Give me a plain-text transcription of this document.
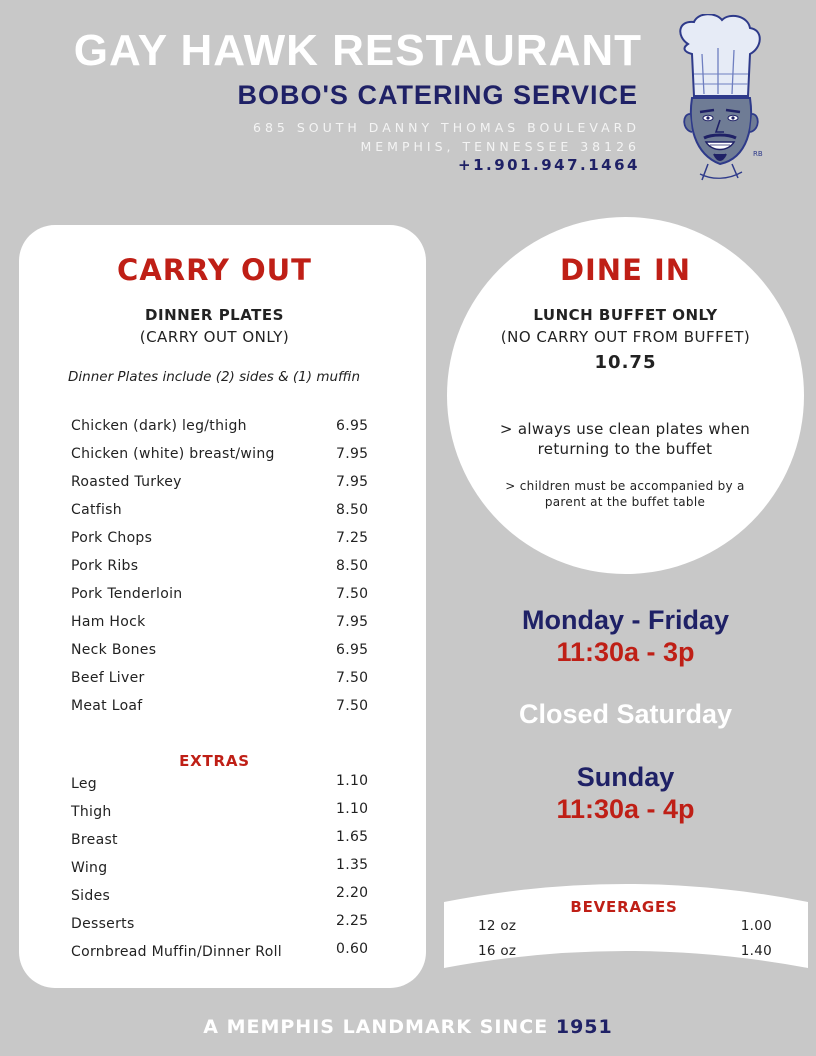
GAY HAWK RESTAURANT
BOBO'S CATERING SERVICE
685 SOUTH DANNY THOMAS BOULEVARD
MEMPHIS, TENNESSEE 38126
+1.901.947.1464
RB
CARRY OUT
DINNER PLATES
(CARRY OUT ONLY)
Dinner Plates include (2) sides & (1) muffin
Chicken (dark) leg/thigh	6.95
Chicken (white) breast/wing	7.95
Roasted Turkey	7.95
Catfish	8.50
Pork Chops	7.25
Pork Ribs	8.50
Pork Tenderloin	7.50
Ham Hock	7.95
Neck Bones	6.95
Beef Liver	7.50
Meat Loaf	7.50
EXTRAS
Leg	1.10
Thigh	1.10
Breast	1.65
Wing	1.35
Sides	2.20
Desserts	2.25
Cornbread Muffin/Dinner Roll	0.60
DINE IN
LUNCH BUFFET ONLY
(NO CARRY OUT FROM BUFFET)
10.75
> always use clean plates when returning to the buffet
> children must be accompanied by a parent at the buffet table
Monday - Friday
11:30a - 3p
Closed Saturday
Sunday
11:30a - 4p
BEVERAGES
12 oz	1.00
16 oz	1.40
A MEMPHIS LANDMARK SINCE 1951
